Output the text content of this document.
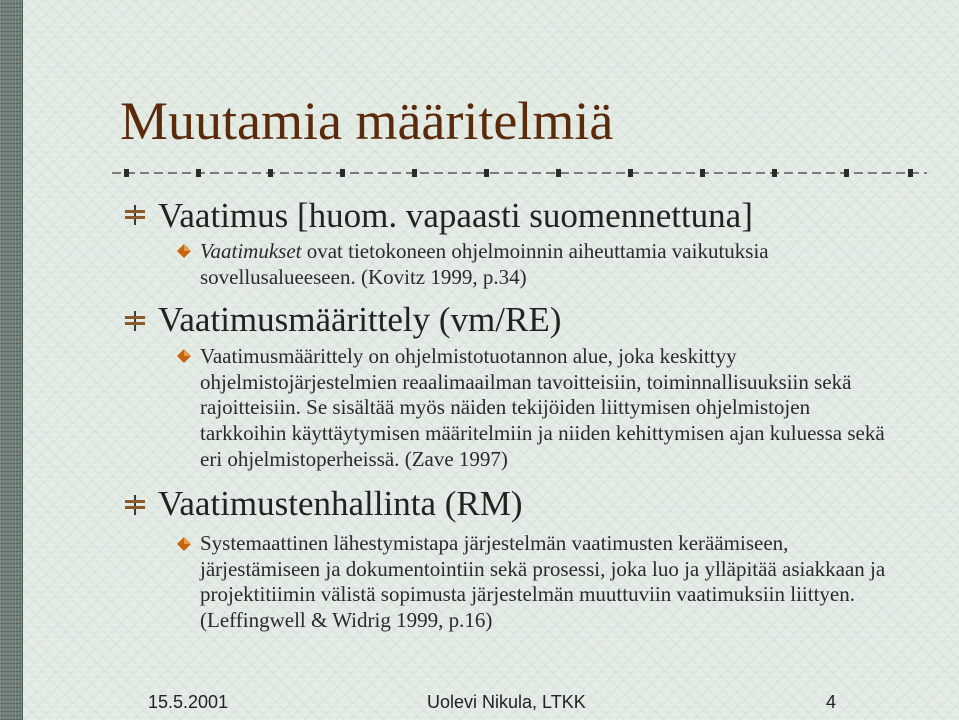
Muutamia määritelmiä
Vaatimus [huom. vapaasti suomennettuna]
Vaatimukset ovat tietokoneen ohjelmoinnin aiheuttamia vaikutuksia sovellusalueeseen. (Kovitz 1999, p.34)
Vaatimusmäärittely (vm/RE)
Vaatimusmäärittely on ohjelmistotuotannon alue, joka keskittyy ohjelmistojärjestelmien reaalimaailman tavoitteisiin, toiminnallisuuksiin sekä rajoitteisiin. Se sisältää myös näiden tekijöiden liittymisen ohjelmistojen tarkkoihin käyttäytymisen määritelmiin ja niiden kehittymisen ajan kuluessa sekä eri ohjelmistoperheissä. (Zave 1997)
Vaatimustenhallinta (RM)
Systemaattinen lähestymistapa järjestelmän vaatimusten keräämiseen, järjestämiseen ja dokumentointiin sekä prosessi, joka luo ja ylläpitää asiakkaan ja projektitiimin välistä sopimusta järjestelmän muuttuviin vaatimuksiin liittyen. (Leffingwell & Widrig 1999, p.16)
15.5.2001	Uolevi Nikula, LTKK	4
